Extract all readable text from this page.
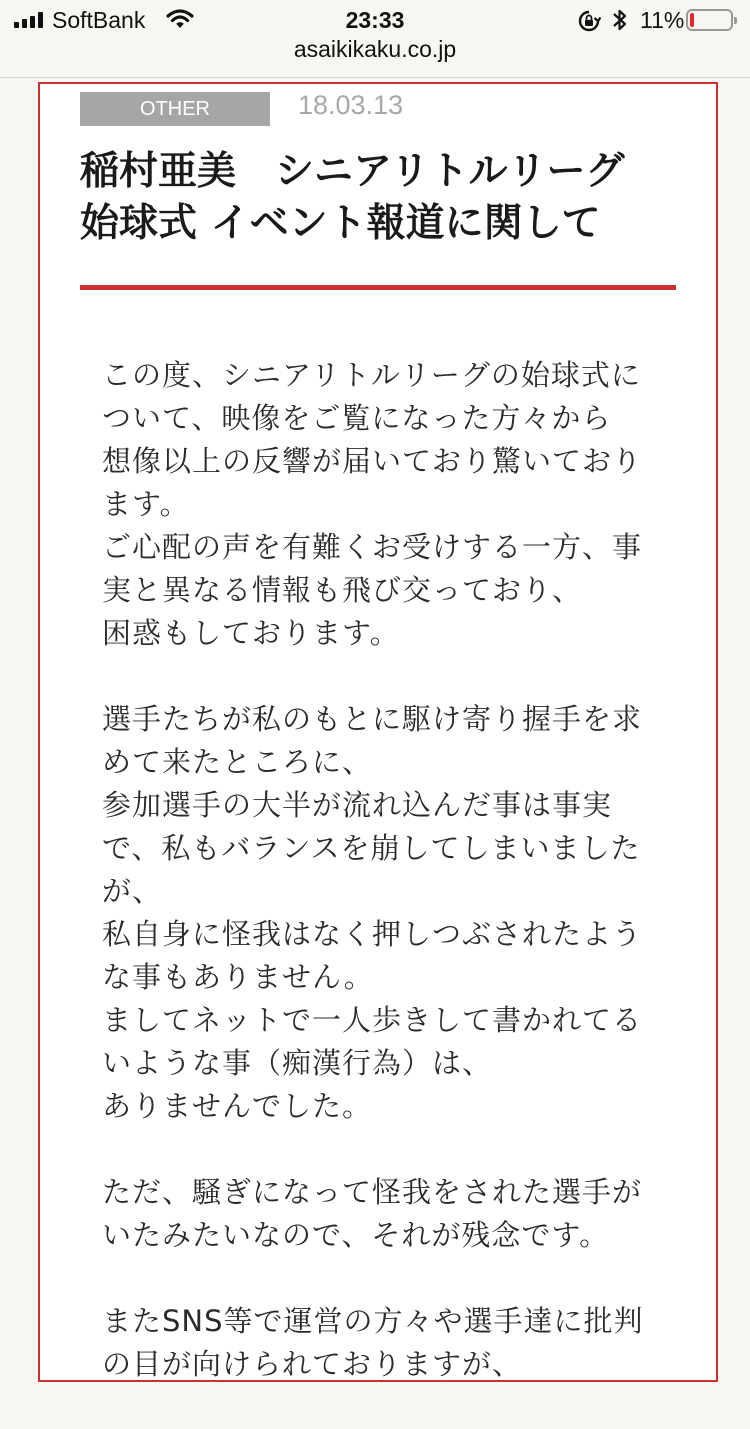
SoftBank	23:33	11%
asaikikaku.co.jp
OTHER	18.03.13
稲村亜美　シニアリトルリーグ
始球式 イベント報道に関して

この度、シニアリトルリーグの始球式について、映像をご覧になった方々から
想像以上の反響が届いており驚いております。
ご心配の声を有難くお受けする一方、事実と異なる情報も飛び交っており、
困惑もしております。

選手たちが私のもとに駆け寄り握手を求めて来たところに、
参加選手の大半が流れ込んだ事は事実で、私もバランスを崩してしまいましたが、
私自身に怪我はなく押しつぶされたような事もありません。
ましてネットで一人歩きして書かれてるいような事（痴漢行為）は、
ありませんでした。

ただ、騒ぎになって怪我をされた選手がいたみたいなので、それが残念です。

またSNS等で運営の方々や選手達に批判の目が向けられておりますが、
